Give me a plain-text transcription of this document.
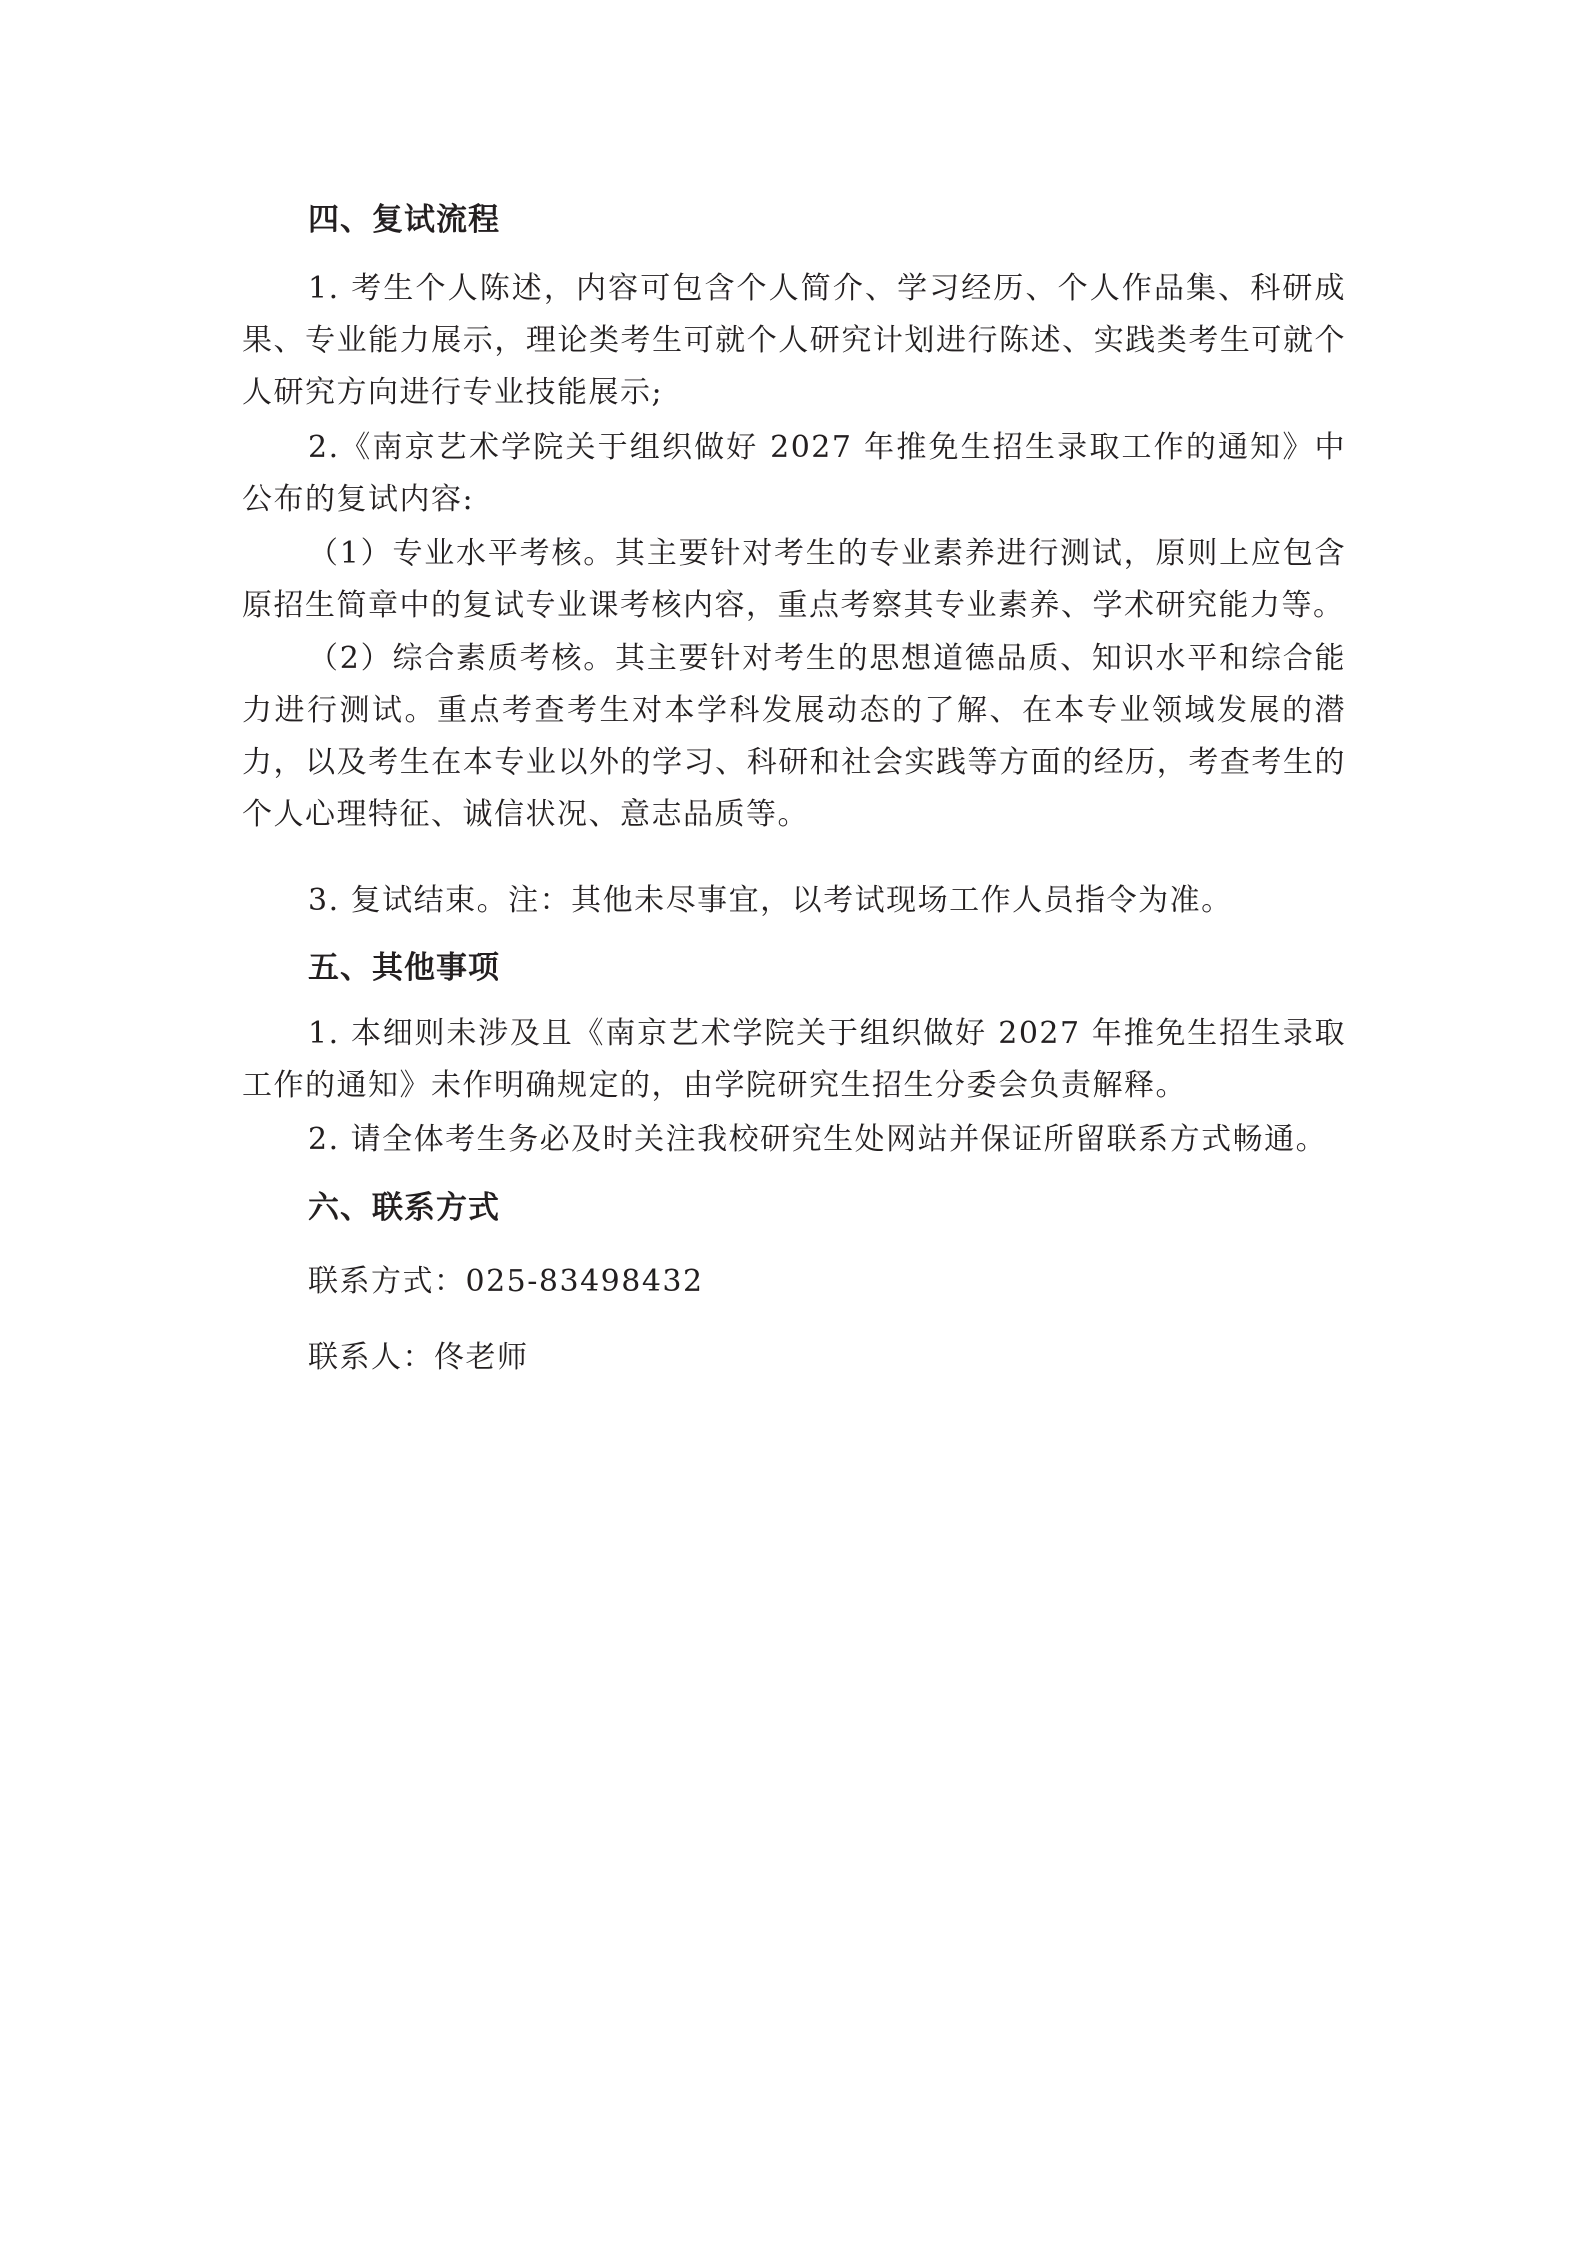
四、复试流程

1. 考生个人陈述，内容可包含个人简介、学习经历、个人作品集、科研成果、专业能力展示，理论类考生可就个人研究计划进行陈述、实践类考生可就个人研究方向进行专业技能展示;

2.《南京艺术学院关于组织做好 2027 年推免生招生录取工作的通知》中公布的复试内容:

（1）专业水平考核。其主要针对考生的专业素养进行测试，原则上应包含原招生简章中的复试专业课考核内容，重点考察其专业素养、学术研究能力等。

（2）综合素质考核。其主要针对考生的思想道德品质、知识水平和综合能力进行测试。重点考查考生对本学科发展动态的了解、在本专业领域发展的潜力，以及考生在本专业以外的学习、科研和社会实践等方面的经历，考查考生的个人心理特征、诚信状况、意志品质等。

3. 复试结束。注：其他未尽事宜，以考试现场工作人员指令为准。

五、其他事项

1. 本细则未涉及且《南京艺术学院关于组织做好 2027 年推免生招生录取工作的通知》未作明确规定的，由学院研究生招生分委会负责解释。

2. 请全体考生务必及时关注我校研究生处网站并保证所留联系方式畅通。

六、联系方式

联系方式：025-83498432

联系人：佟老师
